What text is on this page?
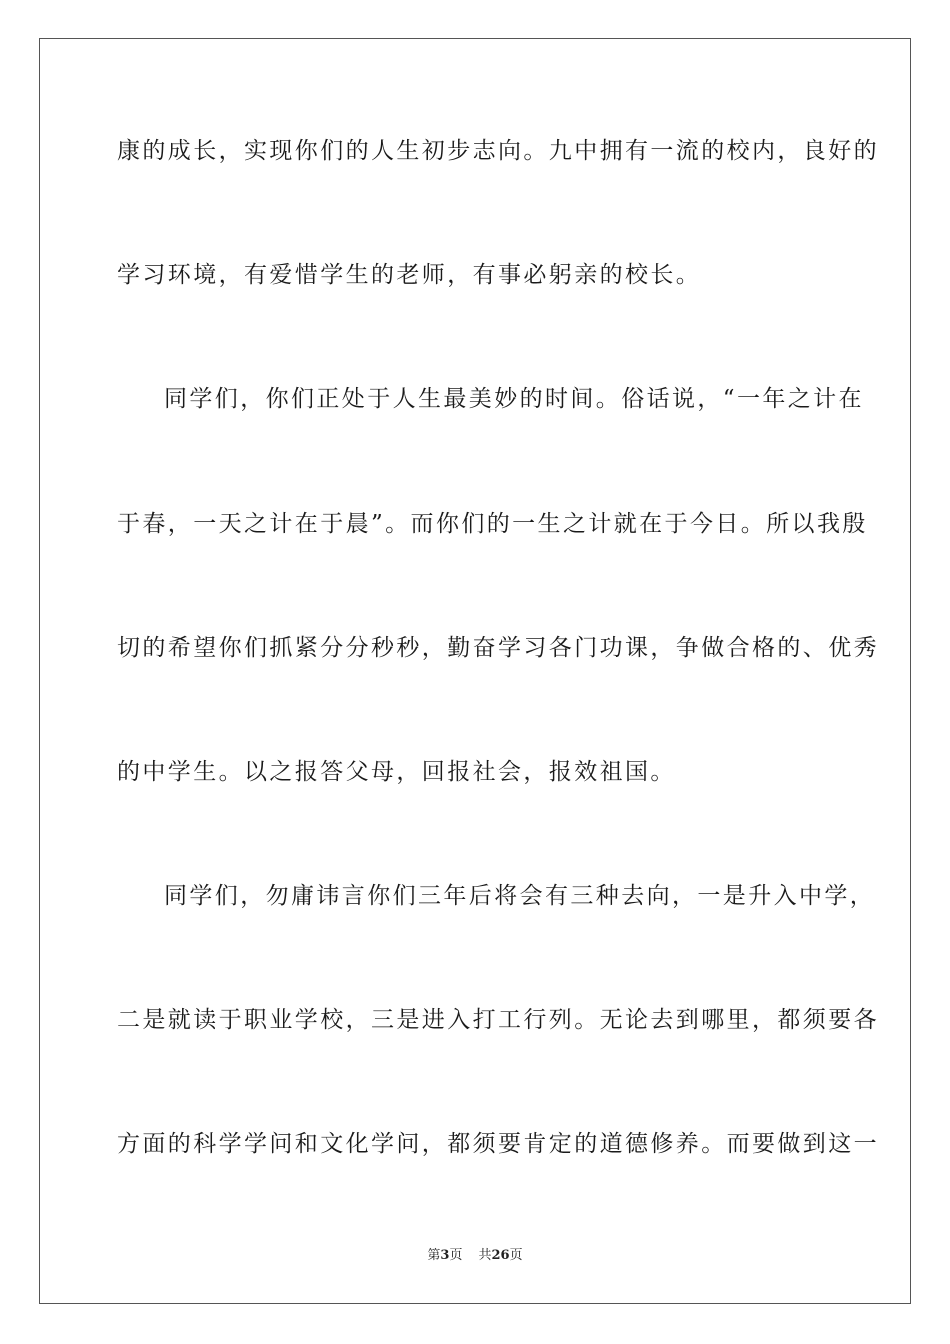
康的成长，实现你们的人生初步志向。九中拥有一流的校内，良好的
学习环境，有爱惜学生的老师，有事必躬亲的校长。
同学们，你们正处于人生最美妙的时间。俗话说，“一年之计在
于春，一天之计在于晨”。而你们的一生之计就在于今日。所以我殷
切的希望你们抓紧分分秒秒，勤奋学习各门功课，争做合格的、优秀
的中学生。以之报答父母，回报社会，报效祖国。
同学们，勿庸讳言你们三年后将会有三种去向，一是升入中学，
二是就读于职业学校，三是进入打工行列。无论去到哪里，都须要各
方面的科学学问和文化学问，都须要肯定的道德修养。而要做到这一
第3页 共26页
